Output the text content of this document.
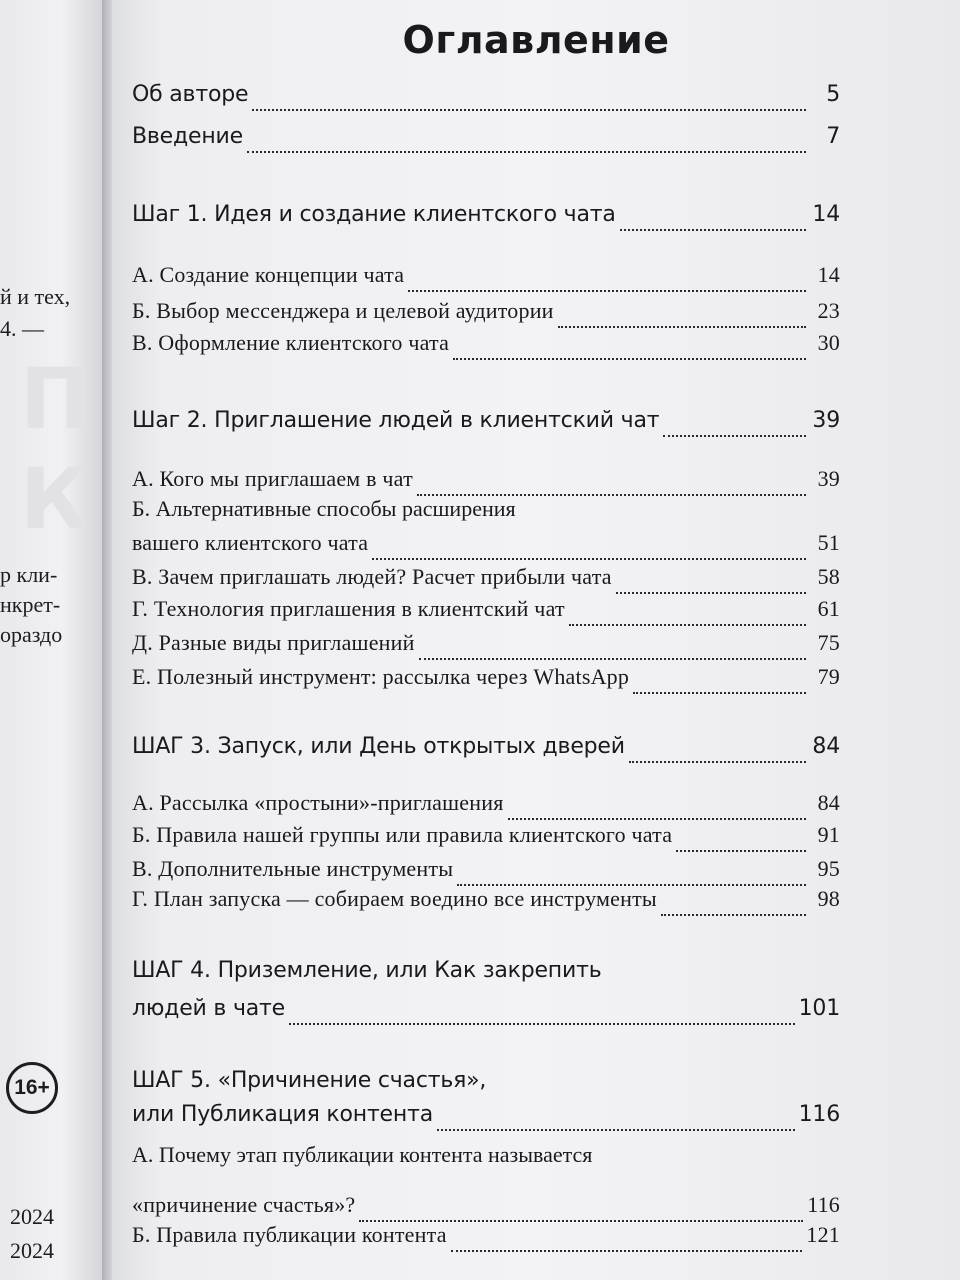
П
К
й и тех,
4. —
р кли-
нкрет-
ораздо
16+
2024
2024
Оглавление
Об авторе	5
Введение	7
Шаг 1. Идея и создание клиентского чата	14
А. Создание концепции чата	14
Б. Выбор мессенджера и целевой аудитории	23
В. Оформление клиентского чата	30
Шаг 2. Приглашение людей в клиентский чат	39
А. Кого мы приглашаем в чат	39
Б. Альтернативные способы расширения
вашего клиентского чата	51
В. Зачем приглашать людей? Расчет прибыли чата	58
Г. Технология приглашения в клиентский чат	61
Д. Разные виды приглашений	75
Е. Полезный инструмент: рассылка через WhatsApp	79
ШАГ 3. Запуск, или День открытых дверей	84
А. Рассылка «простыни»-приглашения	84
Б. Правила нашей группы или правила клиентского чата	91
В. Дополнительные инструменты	95
Г. План запуска — собираем воедино все инструменты	98
ШАГ 4. Приземление, или Как закрепить
людей в чате	101
ШАГ 5. «Причинение счастья»,
или Публикация контента	116
А. Почему этап публикации контента называется
«причинение счастья»?	116
Б. Правила публикации контента	121
